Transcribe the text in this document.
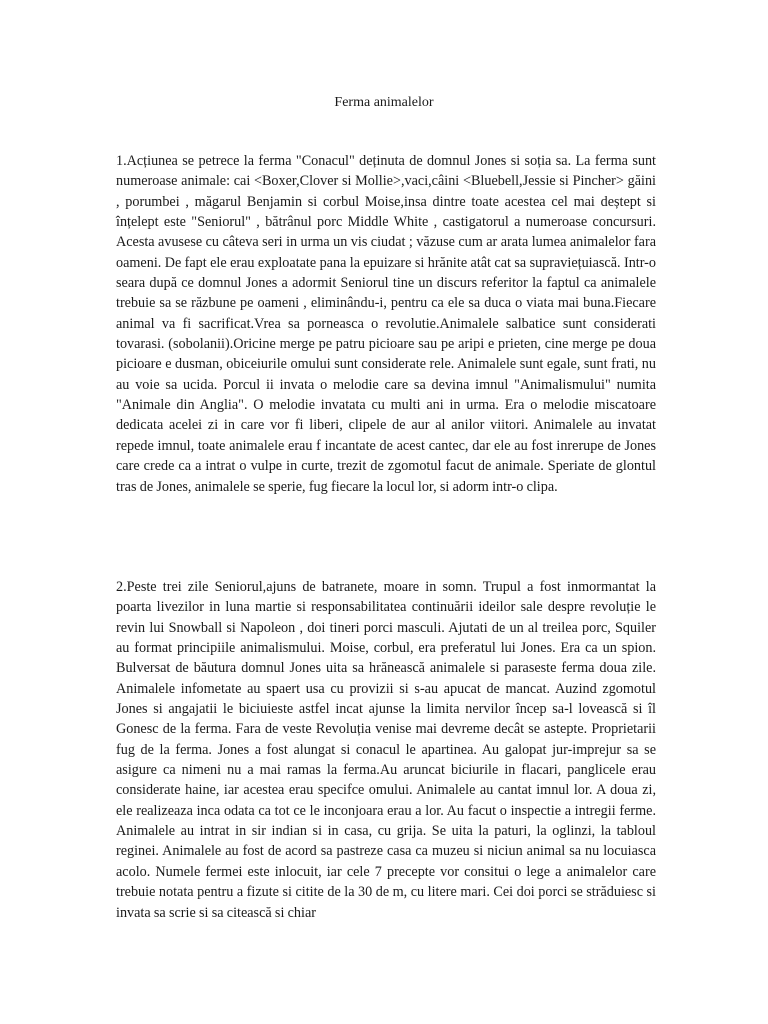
Ferma animalelor

1.Acțiunea se petrece la ferma "Conacul" deținuta de domnul Jones si soția sa. La ferma sunt numeroase animale: cai <Boxer,Clover si Mollie>,vaci,câini <Bluebell,Jessie si Pincher> găini , porumbei , măgarul Benjamin si corbul Moise,insa dintre toate acestea cel mai deștept si înțelept este "Seniorul" , bătrânul porc Middle White , castigatorul a numeroase concursuri. Acesta avusese cu câteva seri in urma un vis ciudat ; văzuse cum ar arata lumea animalelor fara oameni. De fapt ele erau exploatate pana la epuizare si hrănite atât cat sa supraviețuiască. Intr-o seara după ce domnul Jones a adormit Seniorul tine un discurs referitor la faptul ca animalele trebuie sa se răzbune pe oameni , eliminându-i, pentru ca ele sa duca o viata mai buna.Fiecare animal va fi sacrificat.Vrea sa porneasca o revolutie.Animalele salbatice sunt considerati tovarasi. (sobolanii).Oricine merge pe patru picioare sau pe aripi e prieten, cine merge pe doua picioare e dusman, obiceiurile omului sunt considerate rele. Animalele sunt egale, sunt frati, nu au voie sa ucida. Porcul ii invata o melodie care sa devina imnul "Animalismului" numita "Animale din Anglia". O melodie invatata cu multi ani in urma. Era o melodie miscatoare dedicata acelei zi in care vor fi liberi, clipele de aur al anilor viitori. Animalele au invatat repede imnul, toate animalele erau f incantate de acest cantec, dar ele au fost inrerupe de Jones care crede ca a intrat o vulpe in curte, trezit de zgomotul facut de animale. Speriate de glontul tras de Jones, animalele se sperie, fug fiecare la locul lor, si adorm intr-o clipa.

2.Peste trei zile Seniorul,ajuns de batranete, moare in somn. Trupul a fost inmormantat la poarta livezilor in luna martie si responsabilitatea continuării ideilor sale despre revoluție le revin lui Snowball si Napoleon , doi tineri porci masculi. Ajutati de un al treilea porc, Squiler au format principiile animalismului. Moise, corbul, era preferatul lui Jones. Era ca un spion. Bulversat de băutura domnul Jones uita sa hrănească animalele si paraseste ferma doua zile. Animalele infometate au spaert usa cu provizii si s-au apucat de mancat. Auzind zgomotul Jones si angajatii le biciuieste astfel incat ajunse la limita nervilor încep sa-l lovească si îl Gonesc de la ferma. Fara de veste Revoluția venise mai devreme decât se astepte. Proprietarii fug de la ferma. Jones a fost alungat si conacul le apartinea. Au galopat jur-imprejur sa se asigure ca nimeni nu a mai ramas la ferma.Au aruncat biciurile in flacari, panglicele erau considerate haine, iar acestea erau specifce omului. Animalele au cantat imnul lor. A doua zi, ele realizeaza inca odata ca tot ce le inconjoara erau a lor. Au facut o inspectie a intregii ferme. Animalele au intrat in sir indian si in casa, cu grija. Se uita la paturi, la oglinzi, la tabloul reginei. Animalele au fost de acord sa pastreze casa ca muzeu si niciun animal sa nu locuiasca acolo. Numele fermei este inlocuit, iar cele 7 precepte vor consitui o lege a animalelor care trebuie notata pentru a fizute si citite de la 30 de m, cu litere mari. Cei doi porci se străduiesc si invata sa scrie si sa citească si chiar
